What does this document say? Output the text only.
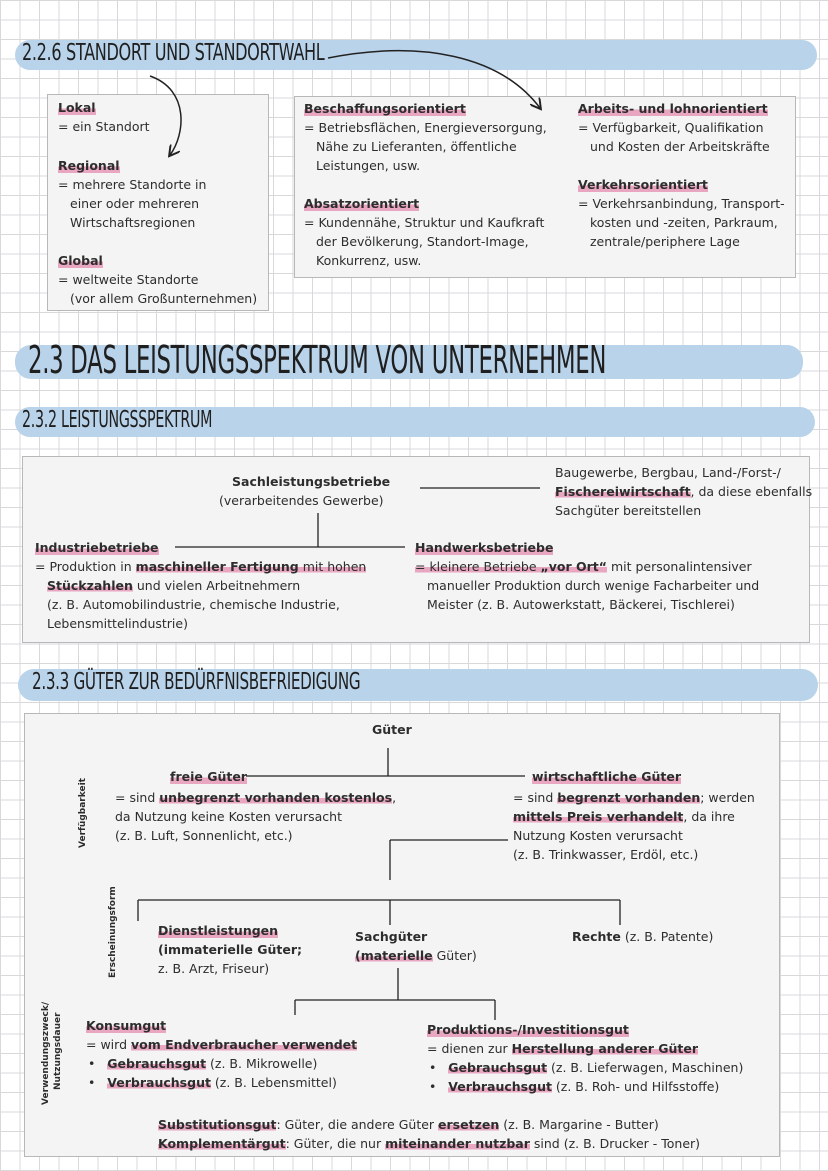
2.2.6 STANDORT UND STANDORTWAHL
Lokal
= ein Standort
Regional
= mehrere Standorte in
einer oder mehreren
Wirtschaftsregionen
Global
= weltweite Standorte
(vor allem Großunternehmen)
Beschaffungsorientiert
= Betriebsflächen, Energieversorgung,
Nähe zu Lieferanten, öffentliche
Leistungen, usw.
Absatzorientiert
= Kundennähe, Struktur und Kaufkraft
der Bevölkerung, Standort-Image,
Konkurrenz, usw.
Arbeits- und lohnorientiert
= Verfügbarkeit, Qualifikation
und Kosten der Arbeitskräfte
Verkehrsorientiert
= Verkehrsanbindung, Transport-
kosten und -zeiten, Parkraum,
zentrale/periphere Lage
2.3 DAS LEISTUNGSSPEKTRUM VON UNTERNEHMEN
2.3.2 LEISTUNGSSPEKTRUM
Sachleistungsbetriebe
(verarbeitendes Gewerbe)
Baugewerbe, Bergbau, Land-/Forst-/
Fischereiwirtschaft, da diese ebenfalls
Sachgüter bereitstellen
Industriebetriebe
= Produktion in maschineller Fertigung mit hohen
Stückzahlen und vielen Arbeitnehmern
(z. B. Automobilindustrie, chemische Industrie,
Lebensmittelindustrie)
Handwerksbetriebe
= kleinere Betriebe „vor Ort“ mit personalintensiver
manueller Produktion durch wenige Facharbeiter und
Meister (z. B. Autowerkstatt, Bäckerei, Tischlerei)
2.3.3 GÜTER ZUR BEDÜRFNISBEFRIEDIGUNG
Verfügbarkeit
Erscheinungsform
Verwendungszweck/ Nutzungsdauer
Güter
freie Güter
= sind unbegrenzt vorhanden kostenlos,
da Nutzung keine Kosten verursacht
(z. B. Luft, Sonnenlicht, etc.)
wirtschaftliche Güter
= sind begrenzt vorhanden; werden
mittels Preis verhandelt, da ihre
Nutzung Kosten verursacht
(z. B. Trinkwasser, Erdöl, etc.)
Dienstleistungen
(immaterielle Güter;
z. B. Arzt, Friseur)
Sachgüter
(materielle Güter)
Rechte (z. B. Patente)
Konsumgut
= wird vom Endverbraucher verwendet
•   Gebrauchsgut (z. B. Mikrowelle)
•   Verbrauchsgut (z. B. Lebensmittel)
Produktions-/Investitionsgut
= dienen zur Herstellung anderer Güter
•   Gebrauchsgut (z. B. Lieferwagen, Maschinen)
•   Verbrauchsgut (z. B. Roh- und Hilfsstoffe)
Substitutionsgut: Güter, die andere Güter ersetzen (z. B. Margarine - Butter)
Komplementärgut: Güter, die nur miteinander nutzbar sind (z. B. Drucker - Toner)
